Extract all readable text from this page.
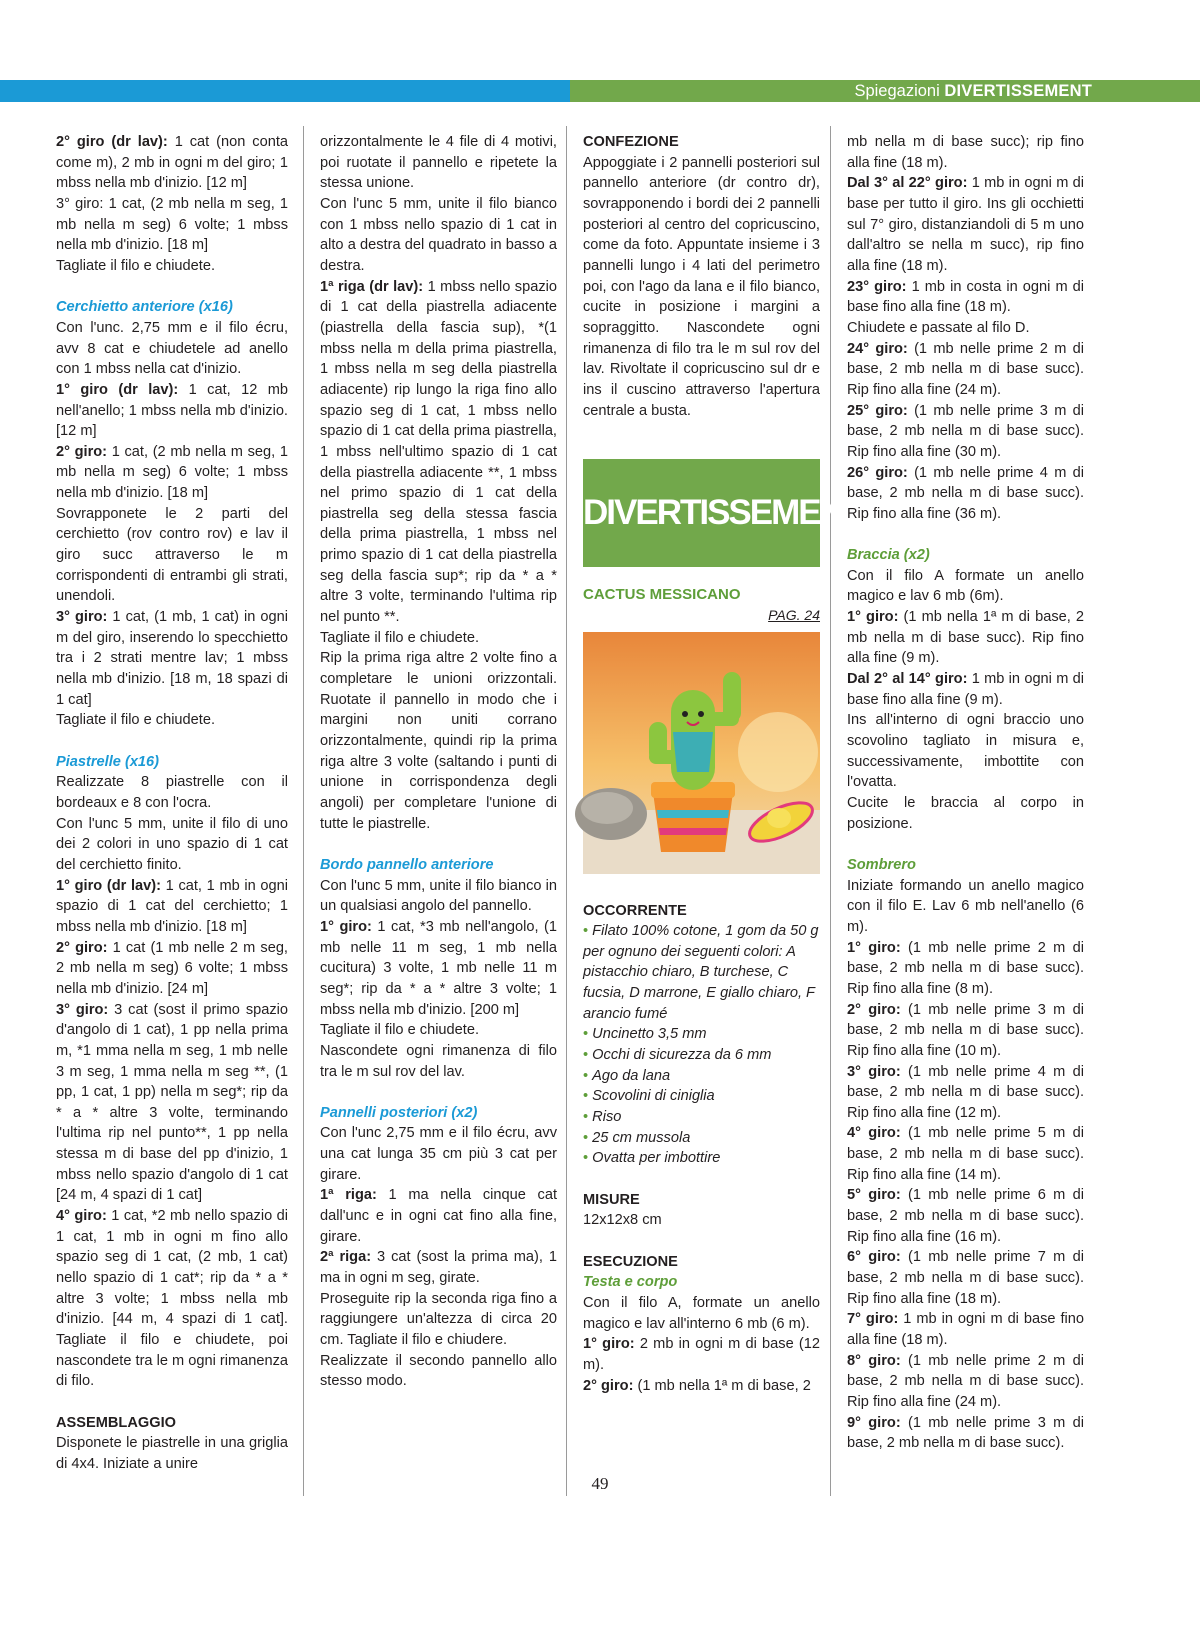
Spiegazioni DIVERTISSEMENT

2° giro (dr lav): 1 cat (non conta come m), 2 mb in ogni m del giro; 1 mbss nella mb d'inizio. [12 m]

3° giro: 1 cat, (2 mb nella m seg, 1 mb nella m seg) 6 volte; 1 mbss nella mb d'inizio. [18 m]

Tagliate il filo e chiudete.

Cerchietto anteriore (x16)

Con l'unc. 2,75 mm e il filo écru, avv 8 cat e chiudetele ad anello con 1 mbss nella cat d'inizio.

1° giro (dr lav): 1 cat, 12 mb nell'anello; 1 mbss nella mb d'inizio. [12 m]

2° giro: 1 cat, (2 mb nella m seg, 1 mb nella m seg) 6 volte; 1 mbss nella mb d'inizio. [18 m]

Sovrapponete le 2 parti del cerchietto (rov contro rov) e lav il giro succ attraverso le m corrispondenti di entrambi gli strati, unendoli.

3° giro: 1 cat, (1 mb, 1 cat) in ogni m del giro, inserendo lo specchietto tra i 2 strati mentre lav; 1 mbss nella mb d'inizio. [18 m, 18 spazi di 1 cat]

Tagliate il filo e chiudete.

Piastrelle (x16)

Realizzate 8 piastrelle con il bordeaux e 8 con l'ocra.

Con l'unc 5 mm, unite il filo di uno dei 2 colori in uno spazio di 1 cat del cerchietto finito.

1° giro (dr lav): 1 cat, 1 mb in ogni spazio di 1 cat del cerchietto; 1 mbss nella mb d'inizio. [18 m]

2° giro: 1 cat (1 mb nelle 2 m seg, 2 mb nella m seg) 6 volte; 1 mbss nella mb d'inizio. [24 m]

3° giro: 3 cat (sost il primo spazio d'angolo di 1 cat), 1 pp nella prima m, *1 mma nella m seg, 1 mb nelle 3 m seg, 1 mma nella m seg **, (1 pp, 1 cat, 1 pp) nella m seg*; rip da * a * altre 3 volte, terminando l'ultima rip nel punto**, 1 pp nella stessa m di base del pp d'inizio, 1 mbss nello spazio d'angolo di 1 cat [24 m, 4 spazi di 1 cat]

4° giro: 1 cat, *2 mb nello spazio di 1 cat, 1 mb in ogni m fino allo spazio seg di 1 cat, (2 mb, 1 cat) nello spazio di 1 cat*; rip da * a * altre 3 volte; 1 mbss nella mb d'inizio. [44 m, 4 spazi di 1 cat]. Tagliate il filo e chiudete, poi nascondete tra le m ogni rimanenza di filo.

ASSEMBLAGGIO

Disponete le piastrelle in una griglia di 4x4. Iniziate a unire

orizzontalmente le 4 file di 4 motivi, poi ruotate il pannello e ripetete la stessa unione.

Con l'unc 5 mm, unite il filo bianco con 1 mbss nello spazio di 1 cat in alto a destra del quadrato in basso a destra.

1ª riga (dr lav): 1 mbss nello spazio di 1 cat della piastrella adiacente (piastrella della fascia sup), *(1 mbss nella m della prima piastrella, 1 mbss nella m seg della piastrella adiacente) rip lungo la riga fino allo spazio seg di 1 cat, 1 mbss nello spazio di 1 cat della prima piastrella, 1 mbss nell'ultimo spazio di 1 cat della piastrella adiacente **, 1 mbss nel primo spazio di 1 cat della piastrella seg della stessa fascia della prima piastrella, 1 mbss nel primo spazio di 1 cat della piastrella seg della fascia sup*; rip da * a * altre 3 volte, terminando l'ultima rip nel punto **.

Tagliate il filo e chiudete.

Rip la prima riga altre 2 volte fino a completare le unioni orizzontali. Ruotate il pannello in modo che i margini non uniti corrano orizzontalmente, quindi rip la prima riga altre 3 volte (saltando i punti di unione in corrispondenza degli angoli) per completare l'unione di tutte le piastrelle.

Bordo pannello anteriore

Con l'unc 5 mm, unite il filo bianco in un qualsiasi angolo del pannello.

1° giro: 1 cat, *3 mb nell'angolo, (1 mb nelle 11 m seg, 1 mb nella cucitura) 3 volte, 1 mb nelle 11 m seg*; rip da * a * altre 3 volte; 1 mbss nella mb d'inizio. [200 m]

Tagliate il filo e chiudete.

Nascondete ogni rimanenza di filo tra le m sul rov del lav.

Pannelli posteriori (x2)

Con l'unc 2,75 mm e il filo écru, avv una cat lunga 35 cm più 3 cat per girare.

1ª riga: 1 ma nella cinque cat dall'unc e in ogni cat fino alla fine, girare.

2ª riga: 3 cat (sost la prima ma), 1 ma in ogni m seg, girate.

Proseguite rip la seconda riga fino a raggiungere un'altezza di circa 20 cm. Tagliate il filo e chiudere.

Realizzate il secondo pannello allo stesso modo.

CONFEZIONE

Appoggiate i 2 pannelli posteriori sul pannello anteriore (dr contro dr), sovrapponendo i bordi dei 2 pannelli posteriori al centro del copricuscino, come da foto. Appuntate insieme i 3 pannelli lungo i 4 lati del perimetro poi, con l'ago da lana e il filo bianco, cucite in posizione i margini a sopraggitto. Nascondete ogni rimanenza di filo tra le m sul rov del lav. Rivoltate il copricuscino sul dr e ins il cuscino attraverso l'apertura centrale a busta.

DIVERTISSEMENT

CACTUS MESSICANO

PAG. 24

OCCORRENTE

• Filato 100% cotone, 1 gom da 50 g per ognuno dei seguenti colori: A pistacchio chiaro, B turchese, C fucsia, D marrone, E giallo chiaro, F arancio fumé
• Uncinetto 3,5 mm
• Occhi di sicurezza da 6 mm
• Ago da lana
• Scovolini di ciniglia
• Riso
• 25 cm mussola
• Ovatta per imbottire

MISURE

12x12x8 cm

ESECUZIONE

Testa e corpo

Con il filo A, formate un anello magico e lav all'interno 6 mb (6 m).

1° giro: 2 mb in ogni m di base (12 m).

2° giro: (1 mb nella 1ª m di base, 2

mb nella m di base succ); rip fino alla fine (18 m).

Dal 3° al 22° giro: 1 mb in ogni m di base per tutto il giro. Ins gli occhietti sul 7° giro, distanziandoli di 5 m uno dall'altro se nella m succ), rip fino alla fine (18 m).

23° giro: 1 mb in costa in ogni m di base fino alla fine (18 m).

Chiudete e passate al filo D.

24° giro: (1 mb nelle prime 2 m di base, 2 mb nella m di base succ). Rip fino alla fine (24 m).

25° giro: (1 mb nelle prime 3 m di base, 2 mb nella m di base succ). Rip fino alla fine (30 m).

26° giro: (1 mb nelle prime 4 m di base, 2 mb nella m di base succ). Rip fino alla fine (36 m).

Braccia (x2)

Con il filo A formate un anello magico e lav 6 mb (6m).

1° giro: (1 mb nella 1ª m di base, 2 mb nella m di base succ). Rip fino alla fine (9 m).

Dal 2° al 14° giro: 1 mb in ogni m di base fino alla fine (9 m).

Ins all'interno di ogni braccio uno scovolino tagliato in misura e, successivamente, imbottite con l'ovatta.

Cucite le braccia al corpo in posizione.

Sombrero

Iniziate formando un anello magico con il filo E. Lav 6 mb nell'anello (6 m).

1° giro: (1 mb nelle prime 2 m di base, 2 mb nella m di base succ). Rip fino alla fine (8 m).

2° giro: (1 mb nelle prime 3 m di base, 2 mb nella m di base succ). Rip fino alla fine (10 m).

3° giro: (1 mb nelle prime 4 m di base, 2 mb nella m di base succ). Rip fino alla fine (12 m).

4° giro: (1 mb nelle prime 5 m di base, 2 mb nella m di base succ). Rip fino alla fine (14 m).

5° giro: (1 mb nelle prime 6 m di base, 2 mb nella m di base succ). Rip fino alla fine (16 m).

6° giro: (1 mb nelle prime 7 m di base, 2 mb nella m di base succ). Rip fino alla fine (18 m).

7° giro: 1 mb in ogni m di base fino alla fine (18 m).

8° giro: (1 mb nelle prime 2 m di base, 2 mb nella m di base succ). Rip fino alla fine (24 m).

9° giro: (1 mb nelle prime 3 m di base, 2 mb nella m di base succ).

49
